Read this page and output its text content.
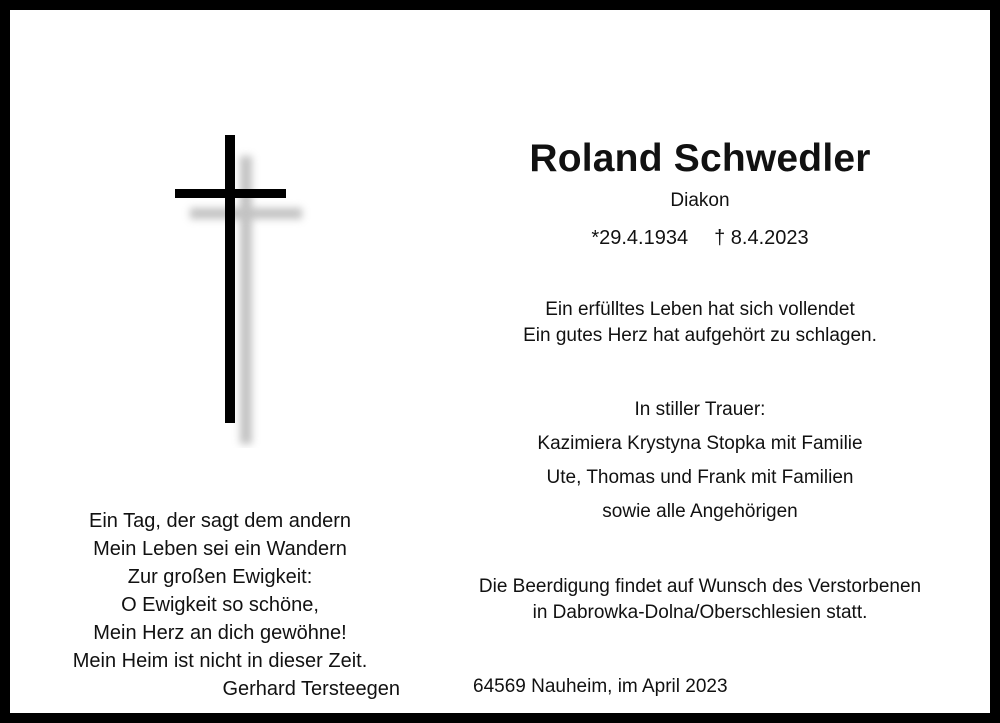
Roland Schwedler
Diakon
*29.4.1934 † 8.4.2023
Ein erfülltes Leben hat sich vollendet
Ein gutes Herz hat aufgehört zu schlagen.
In stiller Trauer:
Kazimiera Krystyna Stopka mit Familie
Ute, Thomas und Frank mit Familien
sowie alle Angehörigen
Die Beerdigung findet auf Wunsch des Verstorbenen
in Dabrowka-Dolna/Oberschlesien statt.
64569 Nauheim, im April 2023
Ein Tag, der sagt dem andern
Mein Leben sei ein Wandern
Zur großen Ewigkeit:
O Ewigkeit so schöne,
Mein Herz an dich gewöhne!
Mein Heim ist nicht in dieser Zeit.
Gerhard Tersteegen
